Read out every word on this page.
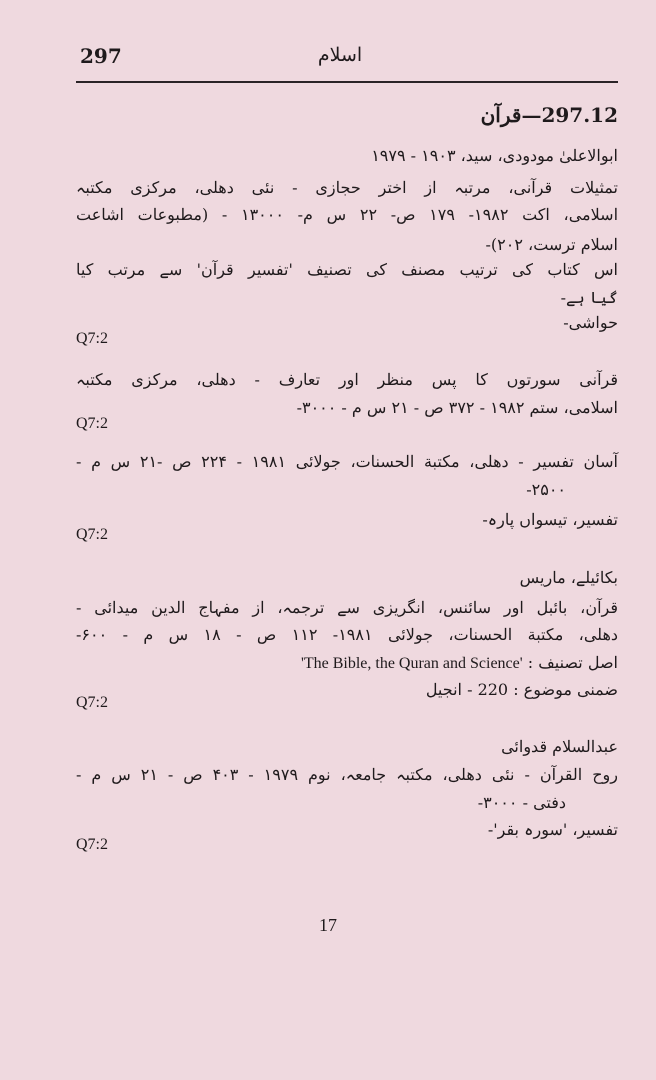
297	اسلام
297.12—قرآن
ابوالاعلیٰ مودودی، سید، ۱۹۰۳ - ۱۹۷۹
تمثیلات قرآنی، مرتبہ از اختر حجازی - نئی دھلی، مرکزی مکتبہ
اسلامی، اکت ۱۹۸۲- ۱۷۹ ص- ۲۲ س م- ۱۳۰۰۰ - (مطبوعات اشاعت
اسلام ترست، ۲۰۲)-
اس کتاب کی ترتیب مصنف کی تصنیف 'تفسیر قرآن' سے مرتب کیا
گیا ہے-
حواشی-
Q7:2
قرآنی سورتوں کا پس منظر اور تعارف - دھلی، مرکزی مکتبہ
اسلامی، ستم ۱۹۸۲ - ۳۷۲ ص - ۲۱ س م - ۳۰۰۰-
Q7:2
آسان تفسیر - دھلی، مکتبة الحسنات، جولائی ۱۹۸۱ - ۲۲۴ ص -۲۱ س م -
۲۵۰۰-
تفسیر، تیسواں پارہ-
Q7:2
بکائیلے، ماریس
قرآن، بائبل اور سائنس، انگریزی سے ترجمہ، از مفہاج الدین میدائی -
دھلی، مکتبة الحسنات، جولائی ۱۹۸۱- ۱۱۲ ص - ۱۸ س م - ۶۰۰-
اصل تصنیف : 'The Bible, the Quran and Science'
ضمنی موضوع : 220 - انجیل
Q7:2
عبدالسلام قدوائی
روح القرآن - نئی دھلی، مکتبہ جامعہ، نوم ۱۹۷۹ - ۴۰۳ ص - ۲۱ س م -
دفتی - ۳۰۰۰-
تفسیر، 'سورہ بقر'-
Q7:2
17
